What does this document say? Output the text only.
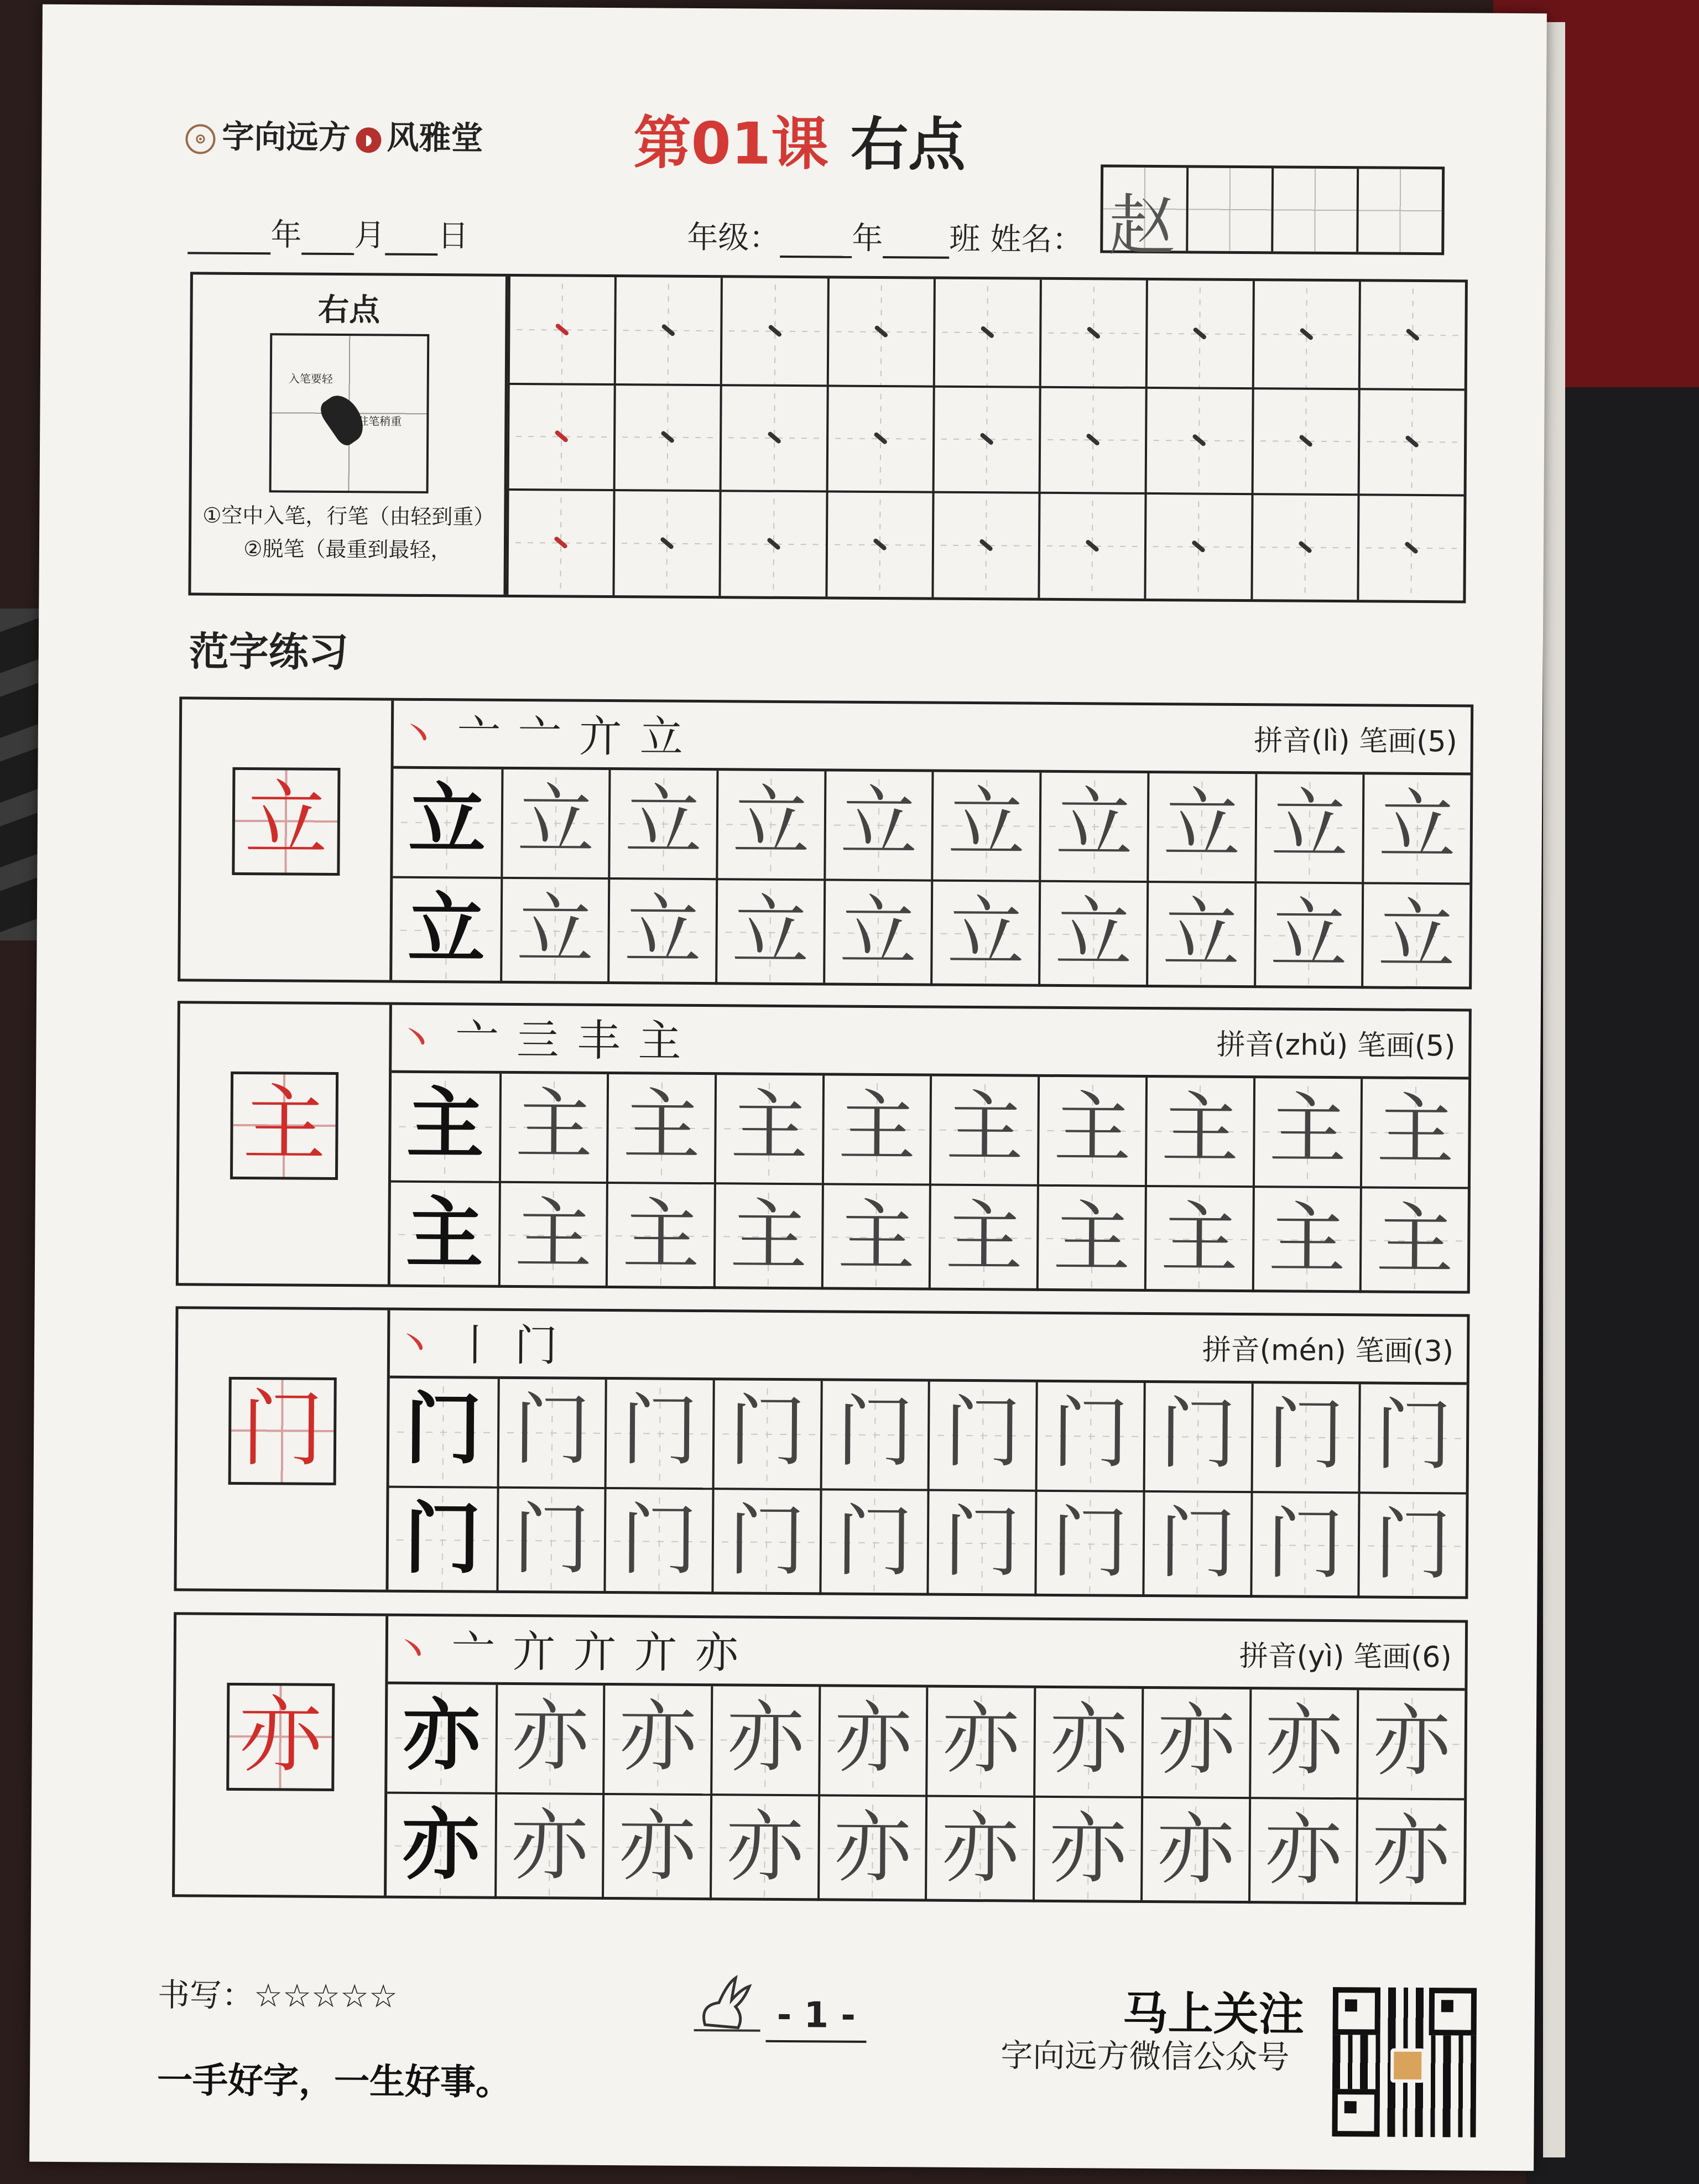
⊙ 字向远方 ◗ 风雅堂	第01课 右点
年 月 日	年级： 年 班 姓名： 赵
右点
入笔要轻
驻笔稍重
①空中入笔，行笔（由轻到重）
②脱笔（最重到最轻，
范字练习
立
丶 亠 亠 亣 立	拼音(lì) 笔画(5)
立 立 立 立 立 立 立 立 立 立
立 立 立 立 立 立 立 立 立 立
主
丶 亠 亖 丰 主	拼音(zhǔ) 笔画(5)
主 主 主 主 主 主 主 主 主 主
主 主 主 主 主 主 主 主 主 主
门
丶 丨 门	拼音(mén) 笔画(3)
门 门 门 门 门 门 门 门 门 门
门 门 门 门 门 门 门 门 门 门
亦
丶 亠 亣 亣 亣 亦	拼音(yì) 笔画(6)
亦 亦 亦 亦 亦 亦 亦 亦 亦 亦
亦 亦 亦 亦 亦 亦 亦 亦 亦 亦
书写：☆☆☆☆☆
一手好字，一生好事。
- 1 -	马上关注
字向远方微信公众号
